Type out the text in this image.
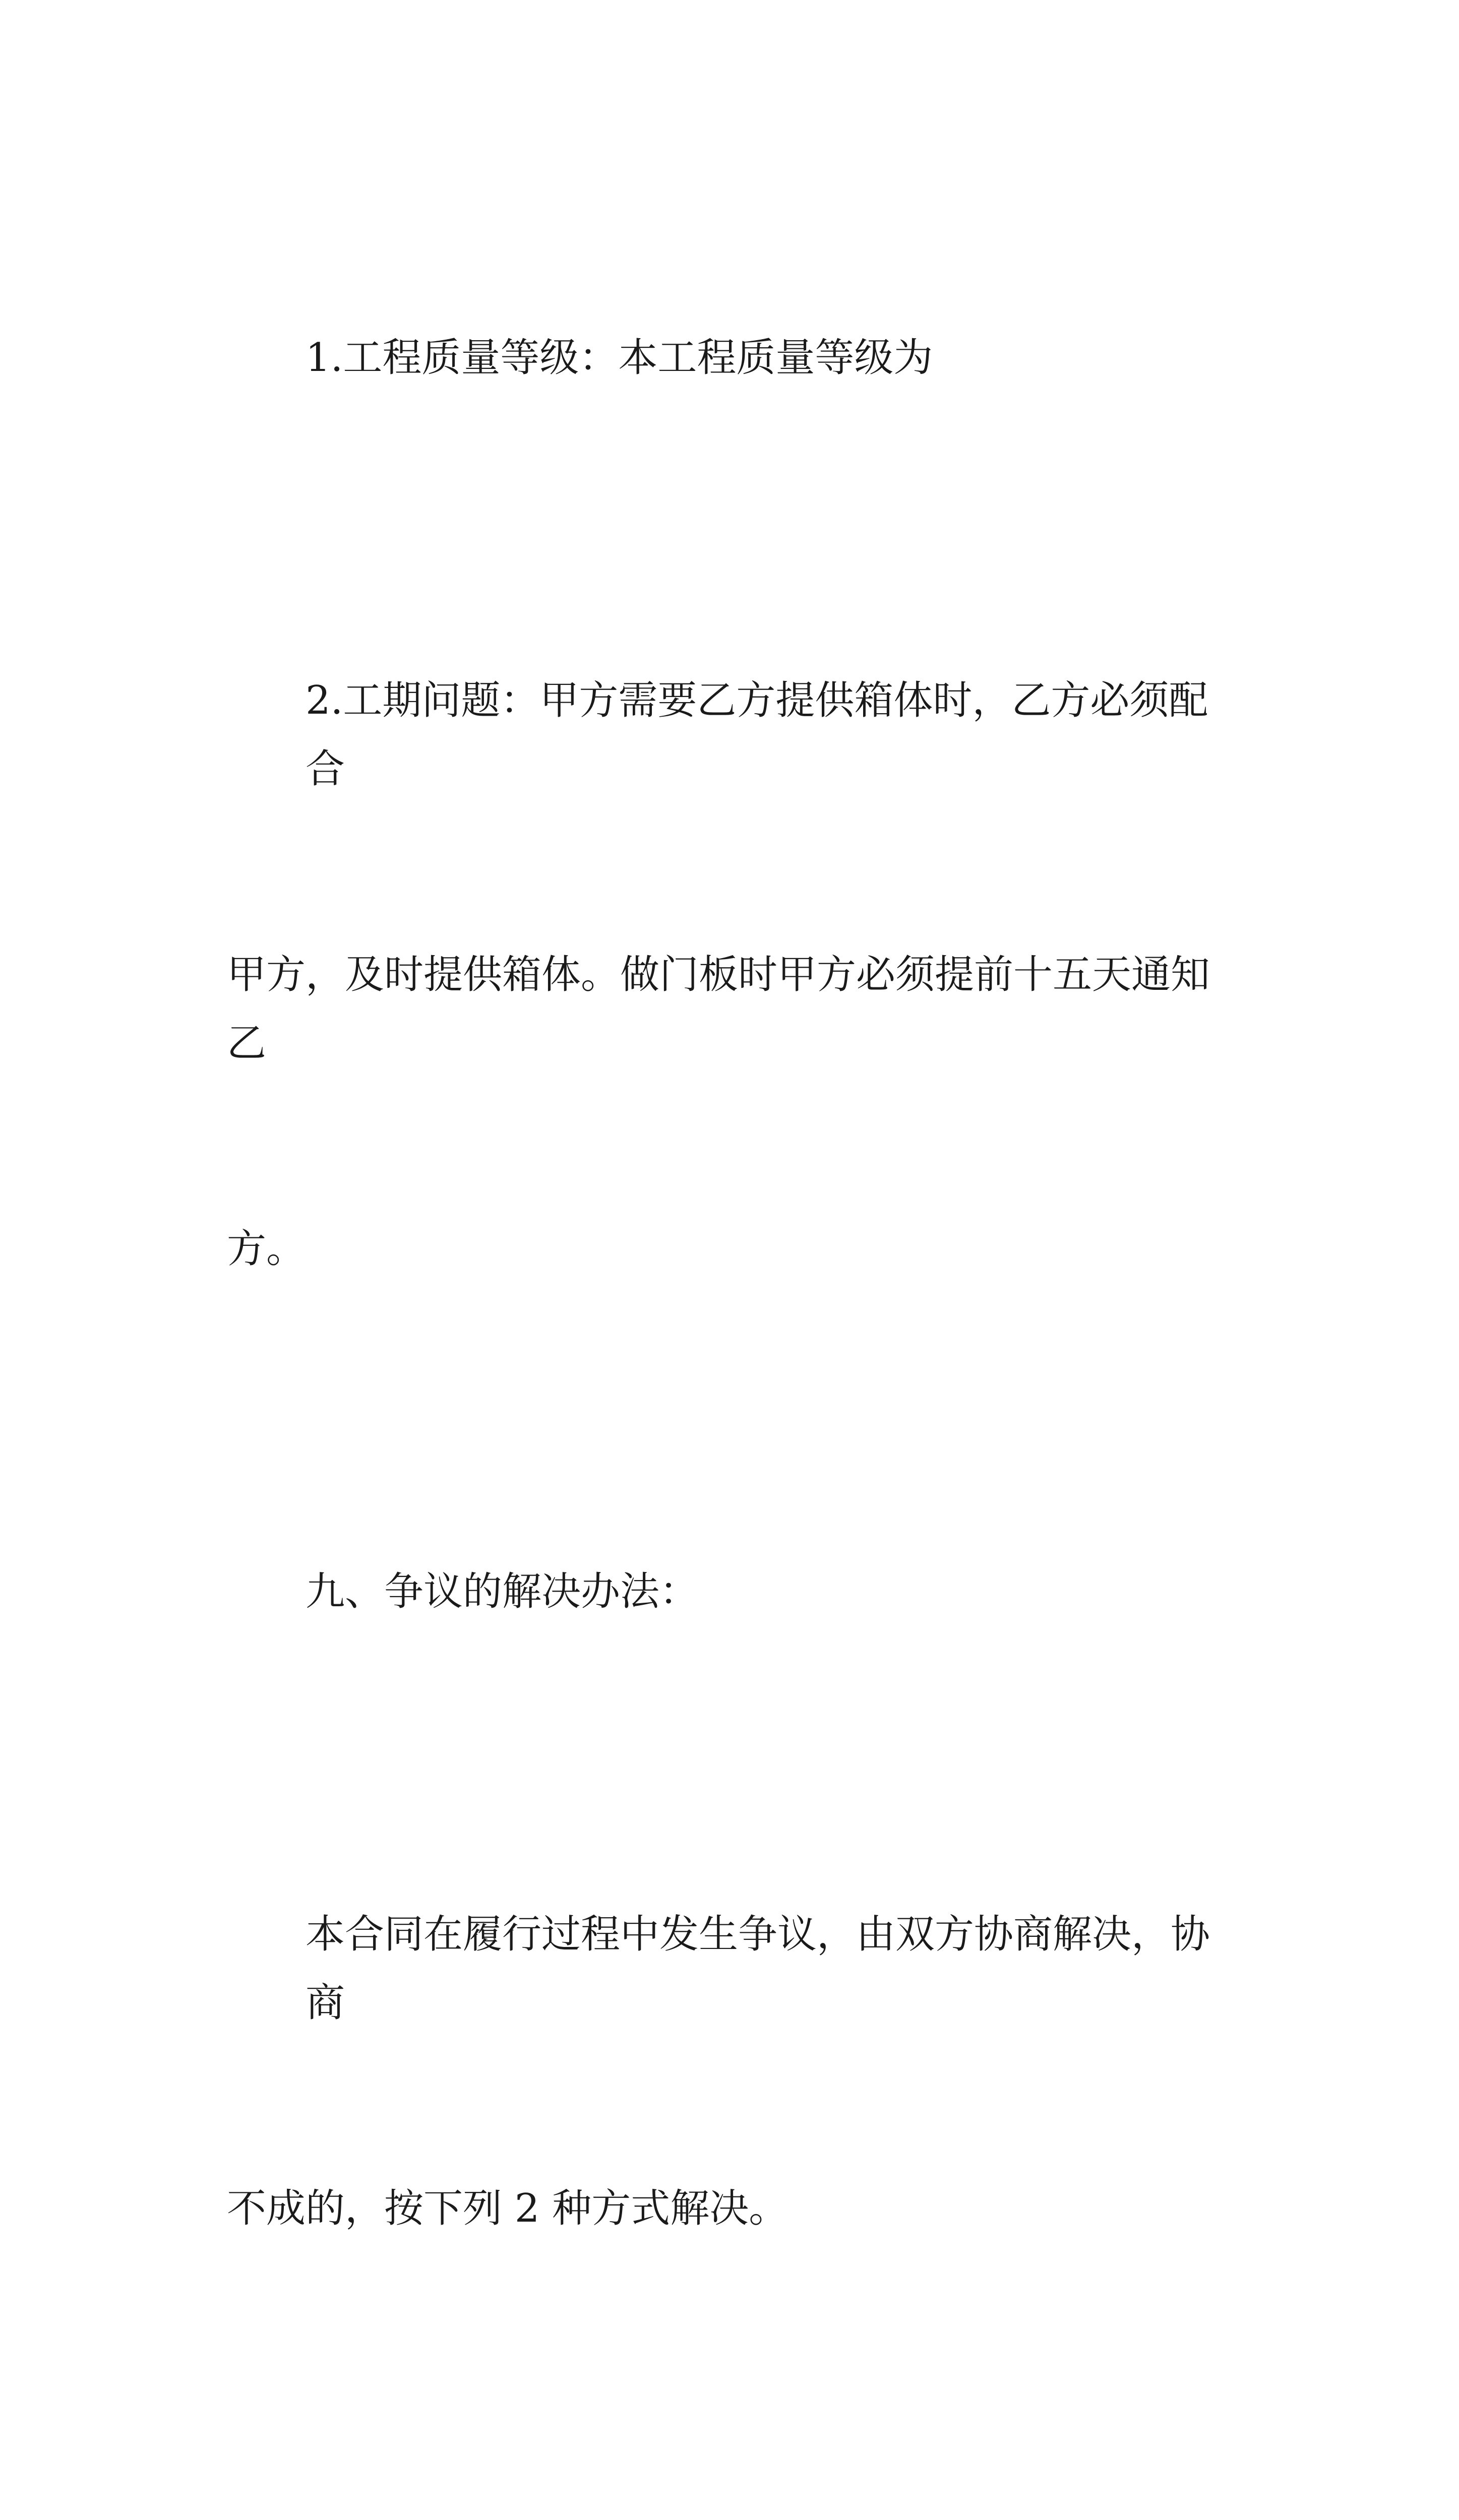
1.工程质量等级：本工程质量等级为

2.工期问题：甲方需要乙方提供箱体时，乙方必须配合

甲方，及时提供箱体。做门板时甲方必须提前十五天通知乙

方。

九、争议的解决办法：

本合同在履行过程中发生争议，由双方协商解决，协商

不成的，按下列 2 种方式解决。
